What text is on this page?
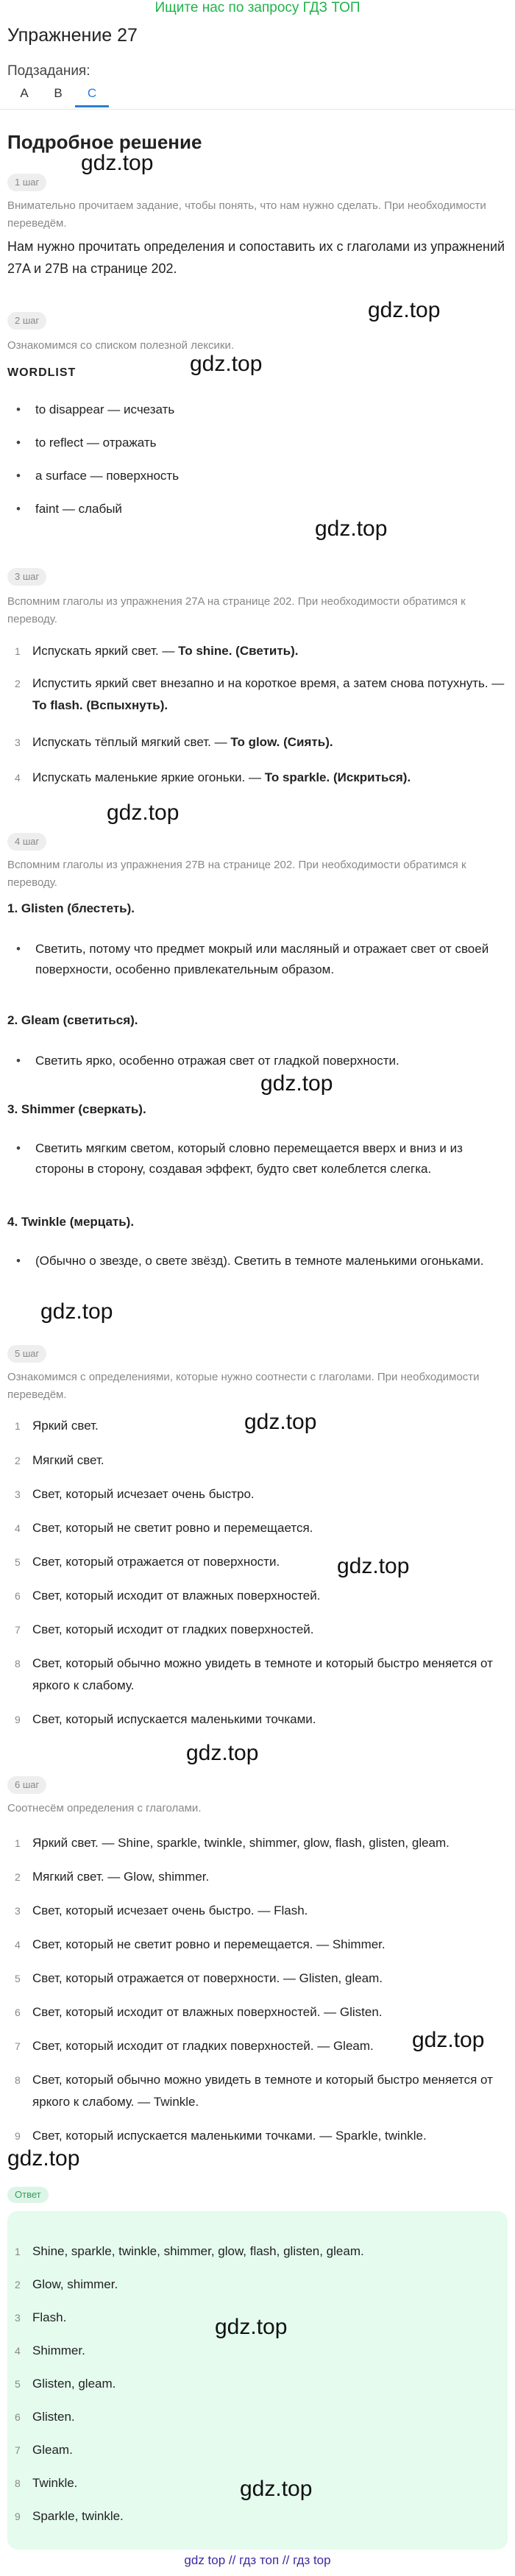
Ищите нас по запросу ГДЗ ТОП
Упражнение 27
Подзадания:
A	B	C
Подробное решение
1 шаг
Внимательно прочитаем задание, чтобы понять, что нам нужно сделать. При необходимости переведём.
Нам нужно прочитать определения и сопоставить их с глаголами из упражнений 27A и 27B на странице 202.
2 шаг
Ознакомимся со списком полезной лексики.
WORDLIST
• to disappear — исчезать
• to reflect — отражать
• a surface — поверхность
• faint — слабый
3 шаг
Вспомним глаголы из упражнения 27A на странице 202. При необходимости обратимся к переводу.
1 Испускать яркий свет. — To shine. (Светить).
2 Испустить яркий свет внезапно и на короткое время, а затем снова потухнуть. — To flash. (Вспыхнуть).
3 Испускать тёплый мягкий свет. — To glow. (Сиять).
4 Испускать маленькие яркие огоньки. — To sparkle. (Искриться).
4 шаг
Вспомним глаголы из упражнения 27B на странице 202. При необходимости обратимся к переводу.
1. Glisten (блестеть).
• Светить, потому что предмет мокрый или масляный и отражает свет от своей поверхности, особенно привлекательным образом.
2. Gleam (светиться).
• Светить ярко, особенно отражая свет от гладкой поверхности.
3. Shimmer (сверкать).
• Светить мягким светом, который словно перемещается вверх и вниз и из стороны в сторону, создавая эффект, будто свет колеблется слегка.
4. Twinkle (мерцать).
• (Обычно о звезде, о свете звёзд). Светить в темноте маленькими огоньками.
5 шаг
Ознакомимся с определениями, которые нужно соотнести с глаголами. При необходимости переведём.
1 Яркий свет.
2 Мягкий свет.
3 Свет, который исчезает очень быстро.
4 Свет, который не светит ровно и перемещается.
5 Свет, который отражается от поверхности.
6 Свет, который исходит от влажных поверхностей.
7 Свет, который исходит от гладких поверхностей.
8 Свет, который обычно можно увидеть в темноте и который быстро меняется от яркого к слабому.
9 Свет, который испускается маленькими точками.
6 шаг
Соотнесём определения с глаголами.
1 Яркий свет. — Shine, sparkle, twinkle, shimmer, glow, flash, glisten, gleam.
2 Мягкий свет. — Glow, shimmer.
3 Свет, который исчезает очень быстро. — Flash.
4 Свет, который не светит ровно и перемещается. — Shimmer.
5 Свет, который отражается от поверхности. — Glisten, gleam.
6 Свет, который исходит от влажных поверхностей. — Glisten.
7 Свет, который исходит от гладких поверхностей. — Gleam.
8 Свет, который обычно можно увидеть в темноте и который быстро меняется от яркого к слабому. — Twinkle.
9 Свет, который испускается маленькими точками. — Sparkle, twinkle.
Ответ
1 Shine, sparkle, twinkle, shimmer, glow, flash, glisten, gleam.
2 Glow, shimmer.
3 Flash.
4 Shimmer.
5 Glisten, gleam.
6 Glisten.
7 Gleam.
8 Twinkle.
9 Sparkle, twinkle.
gdz.top
gdz.top
gdz.top
gdz.top
gdz.top
gdz.top
gdz.top
gdz.top
gdz.top
gdz.top
gdz.top
gdz.top
gdz.top
gdz.top
gdz top // гдз топ // гдз top
